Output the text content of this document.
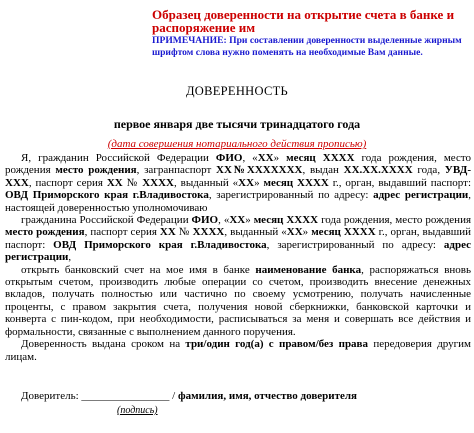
Образец доверенности на открытие счета в банке и распоряжение им
ПРИМЕЧАНИЕ: При составлении доверенности выделенные жирным шрифтом слова нужно поменять на необходимые Вам данные.
ДОВЕРЕННОСТЬ
первое января две тысячи тринадцатого года
(дата совершения нотариального действия прописью)

Я, гражданин Российской Федерации ФИО, «ХХ» месяц ХХХХ года рождения, место рождения место рождения, загранпаспорт ХХ№ХХХХХХХ, выдан ХХ.ХХ.ХХХХ года, УВД-ХХХ, паспорт серия ХХ № ХХХХ, выданный «ХХ» месяц ХХХХ г., орган, выдавший паспорт: ОВД Приморского края г.Владивостока, зарегистрированный по адресу: адрес регистрации, настоящей доверенностью уполномочиваю

гражданина Российской Федерации ФИО, «ХХ» месяц ХХХХ года рождения, место рождения место рождения, паспорт серия ХХ № ХХХХ, выданный «ХХ» месяц ХХХХ г., орган, выдавший паспорт: ОВД Приморского края г.Владивостока, зарегистрированный по адресу: адрес регистрации,

открыть банковский счет на мое имя в банке наименование банка, распоряжаться вновь открытым счетом, производить любые операции со счетом, производить внесение денежных вкладов, получать полностью или частично по своему усмотрению, получать начисленные проценты, с правом закрытия счета, получения новой сберкнижки, банковской карточки и конверта с пин-кодом, при необходимости, расписываться за меня и совершать все действия и формальности, связанные с выполнением данного поручения.

Доверенность выдана сроком на три/один год(а) с правом/без права передоверия другим лицам.

Доверитель: ________________ / фамилия, имя, отчество доверителя
(подпись)
